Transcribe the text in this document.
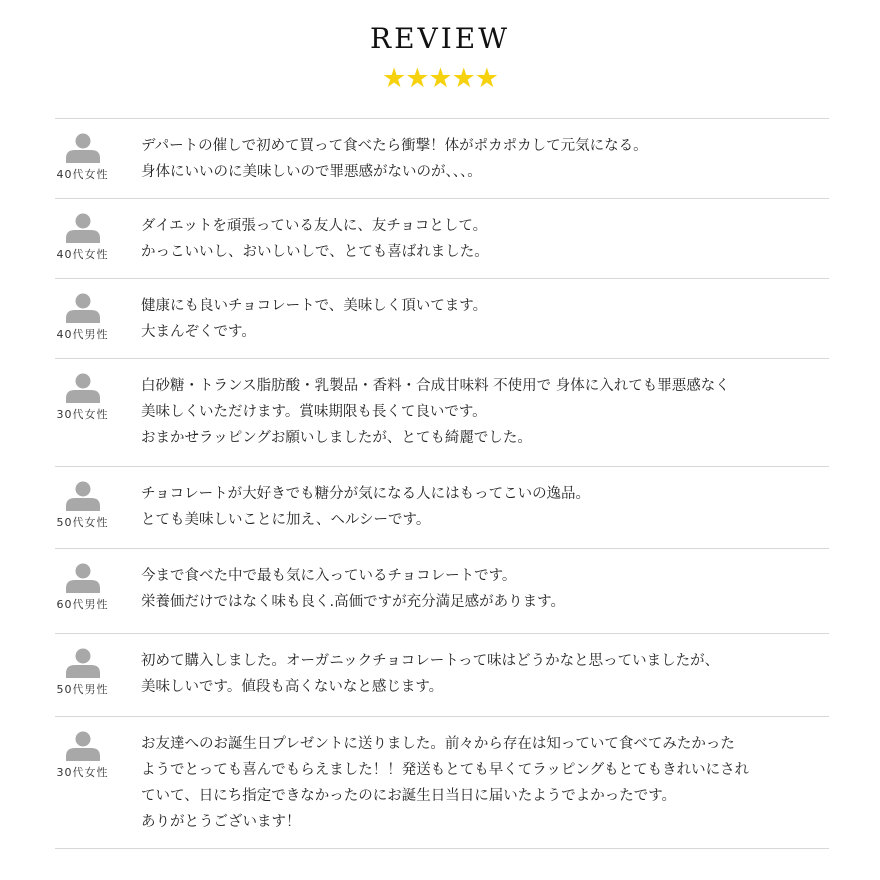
REVIEW
★★★★★
40代女性
デパートの催しで初めて買って食べたら衝撃！体がポカポカして元気になる。
身体にいいのに美味しいので罪悪感がないのが、、、。
40代女性
ダイエットを頑張っている友人に、友チョコとして。
かっこいいし、おいしいしで、とても喜ばれました。
40代男性
健康にも良いチョコレートで、美味しく頂いてます。
大まんぞくです。
30代女性
白砂糖・トランス脂肪酸・乳製品・香料・合成甘味料 不使用で 身体に入れても罪悪感なく
美味しくいただけます。賞味期限も長くて良いです。
おまかせラッピングお願いしましたが、とても綺麗でした。
50代女性
チョコレートが大好きでも糖分が気になる人にはもってこいの逸品。
とても美味しいことに加え、ヘルシーです。
60代男性
今まで食べた中で最も気に入っているチョコレートです。
栄養価だけではなく味も良く.高価ですが充分満足感があります。
50代男性
初めて購入しました。オーガニックチョコレートって味はどうかなと思っていましたが、
美味しいです。値段も高くないなと感じます。
30代女性
お友達へのお誕生日プレゼントに送りました。前々から存在は知っていて食べてみたかった
ようでとっても喜んでもらえました！！発送もとても早くてラッピングもとてもきれいにされ
ていて、日にち指定できなかったのにお誕生日当日に届いたようでよかったです。
ありがとうございます！
